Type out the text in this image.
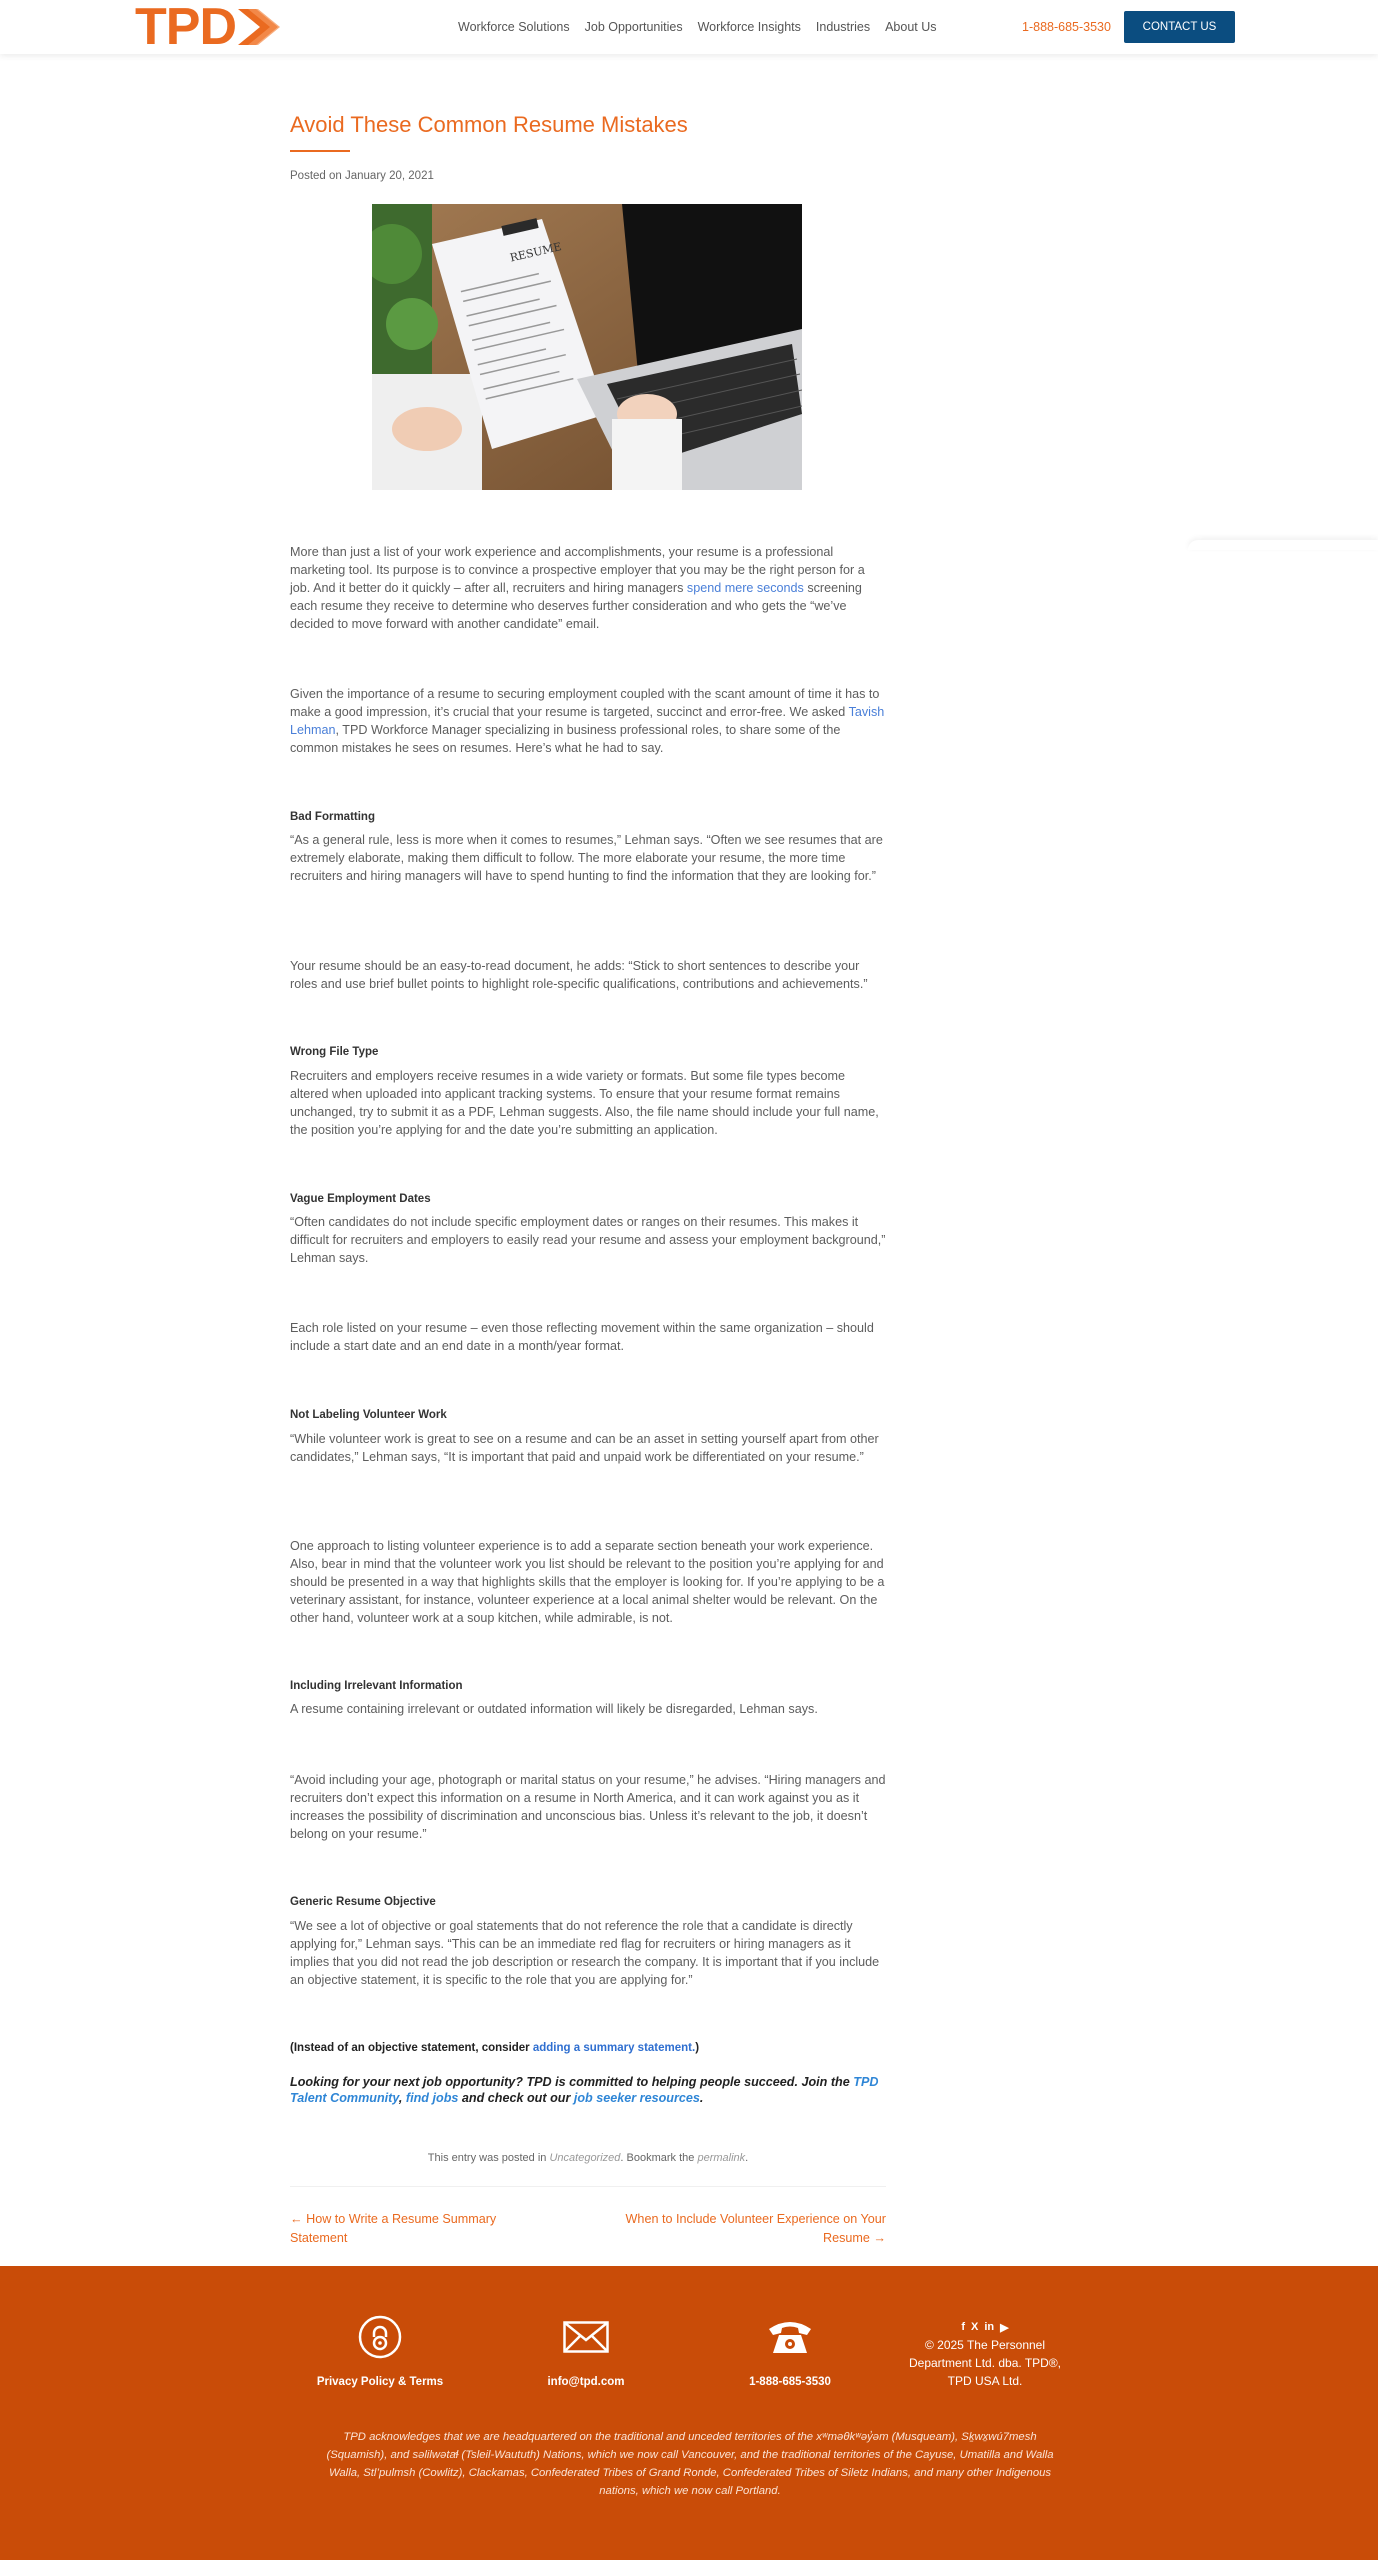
TPD	Workforce Solutions Job Opportunities Workforce Insights Industries About Us	1-888-685-3530	CONTACT US
Avoid These Common Resume Mistakes
Posted on January 20, 2021
RESUME

More than just a list of your work experience and accomplishments, your resume is a professional marketing tool. Its purpose is to convince a prospective employer that you may be the right person for a job. And it better do it quickly – after all, recruiters and hiring managers spend mere seconds screening each resume they receive to determine who deserves further consideration and who gets the “we’ve decided to move forward with another candidate” email.

Given the importance of a resume to securing employment coupled with the scant amount of time it has to make a good impression, it’s crucial that your resume is targeted, succinct and error-free. We asked Tavish Lehman, TPD Workforce Manager specializing in business professional roles, to share some of the common mistakes he sees on resumes. Here’s what he had to say.

Bad Formatting

“As a general rule, less is more when it comes to resumes,” Lehman says. “Often we see resumes that are extremely elaborate, making them difficult to follow. The more elaborate your resume, the more time recruiters and hiring managers will have to spend hunting to find the information that they are looking for.”

Your resume should be an easy-to-read document, he adds: “Stick to short sentences to describe your roles and use brief bullet points to highlight role-specific qualifications, contributions and achievements.”

Wrong File Type

Recruiters and employers receive resumes in a wide variety or formats. But some file types become altered when uploaded into applicant tracking systems. To ensure that your resume format remains unchanged, try to submit it as a PDF, Lehman suggests. Also, the file name should include your full name, the position you’re applying for and the date you’re submitting an application.

Vague Employment Dates

“Often candidates do not include specific employment dates or ranges on their resumes. This makes it difficult for recruiters and employers to easily read your resume and assess your employment background,” Lehman says.

Each role listed on your resume – even those reflecting movement within the same organization – should include a start date and an end date in a month/year format.

Not Labeling Volunteer Work

“While volunteer work is great to see on a resume and can be an asset in setting yourself apart from other candidates,” Lehman says, “It is important that paid and unpaid work be differentiated on your resume.”

One approach to listing volunteer experience is to add a separate section beneath your work experience. Also, bear in mind that the volunteer work you list should be relevant to the position you’re applying for and should be presented in a way that highlights skills that the employer is looking for. If you’re applying to be a veterinary assistant, for instance, volunteer experience at a local animal shelter would be relevant. On the other hand, volunteer work at a soup kitchen, while admirable, is not.

Including Irrelevant Information

A resume containing irrelevant or outdated information will likely be disregarded, Lehman says.

“Avoid including your age, photograph or marital status on your resume,” he advises. “Hiring managers and recruiters don’t expect this information on a resume in North America, and it can work against you as it increases the possibility of discrimination and unconscious bias. Unless it’s relevant to the job, it doesn’t belong on your resume.”

Generic Resume Objective

“We see a lot of objective or goal statements that do not reference the role that a candidate is directly applying for,” Lehman says. “This can be an immediate red flag for recruiters or hiring managers as it implies that you did not read the job description or research the company. It is important that if you include an objective statement, it is specific to the role that you are applying for.”

(Instead of an objective statement, consider adding a summary statement.)

Looking for your next job opportunity? TPD is committed to helping people succeed. Join the TPD Talent Community, find jobs and check out our job seeker resources.

This entry was posted in Uncategorized. Bookmark the permalink.
← How to Write a Resume Summary Statement
When to Include Volunteer Experience on Your Resume →
Privacy Policy & Terms	info@tpd.com	1-888-685-3530
f X in ▶
© 2025 The Personnel Department Ltd. dba. TPD®, TPD USA Ltd.

TPD acknowledges that we are headquartered on the traditional and unceded territories of the xʷməθkʷəy̓əm (Musqueam), Sḵwx̱wú7mesh (Squamish), and səlilwətaɬ (Tsleil-Waututh) Nations, which we now call Vancouver, and the traditional territories of the Cayuse, Umatilla and Walla Walla, Stl’pulmsh (Cowlitz), Clackamas, Confederated Tribes of Grand Ronde, Confederated Tribes of Siletz Indians, and many other Indigenous nations, which we now call Portland.
